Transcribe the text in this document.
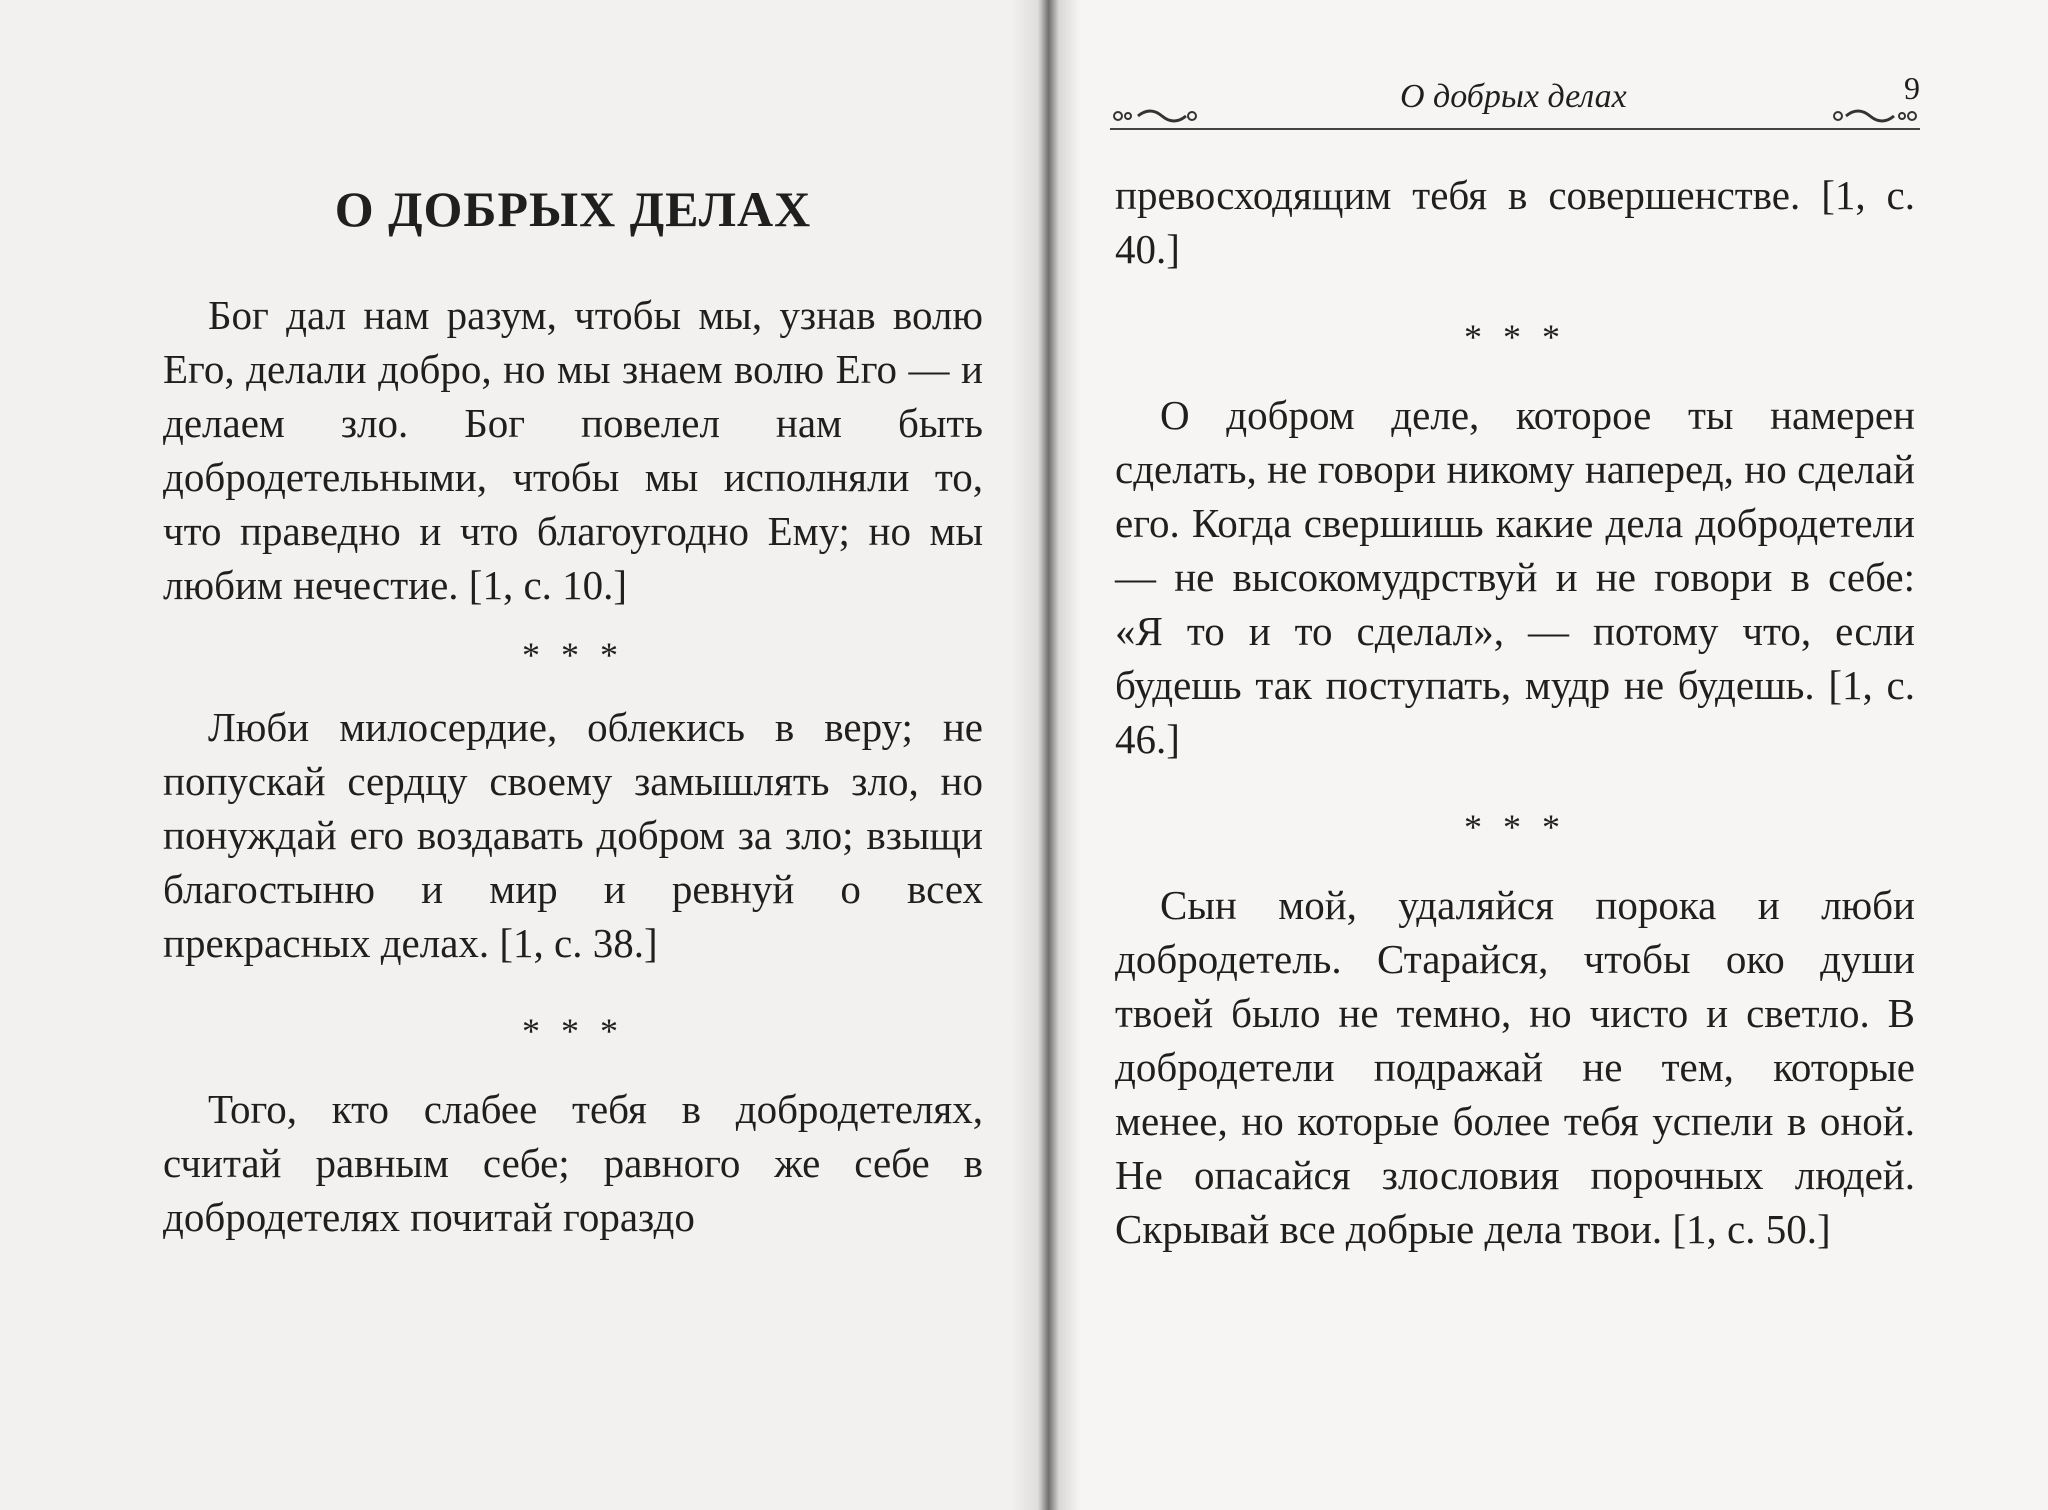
О ДОБРЫХ ДЕЛАХ

Бог дал нам разум, чтобы мы, узнав волю Его, делали добро, но мы знаем волю Его — и делаем зло. Бог повелел нам быть добродетельными, чтобы мы исполняли то, что праведно и что благоугодно Ему; но мы любим нечестие. [1, с. 10.]

* * *

Люби милосердие, облекись в веру; не попускай сердцу своему замышлять зло, но понуждай его воздавать добром за зло; взыщи благостыню и мир и ревнуй о всех прекрасных делах. [1, с. 38.]

* * *

Того, кто слабее тебя в добродетелях, считай равным себе; равного же себе в добродетелях почитай гораздо

О добрых делах	9

превосходящим тебя в совершенстве. [1, с. 40.]

* * *

О добром деле, которое ты намерен сделать, не говори никому наперед, но сделай его. Когда свершишь какие дела добродетели — не высокомудрствуй и не говори в себе: «Я то и то сделал», — потому что, если будешь так поступать, мудр не будешь. [1, с. 46.]

* * *

Сын мой, удаляйся порока и люби добродетель. Старайся, чтобы око души твоей было не темно, но чисто и светло. В добродетели подражай не тем, которые менее, но которые более тебя успели в оной. Не опасайся злословия порочных людей. Скрывай все добрые дела твои. [1, с. 50.]
